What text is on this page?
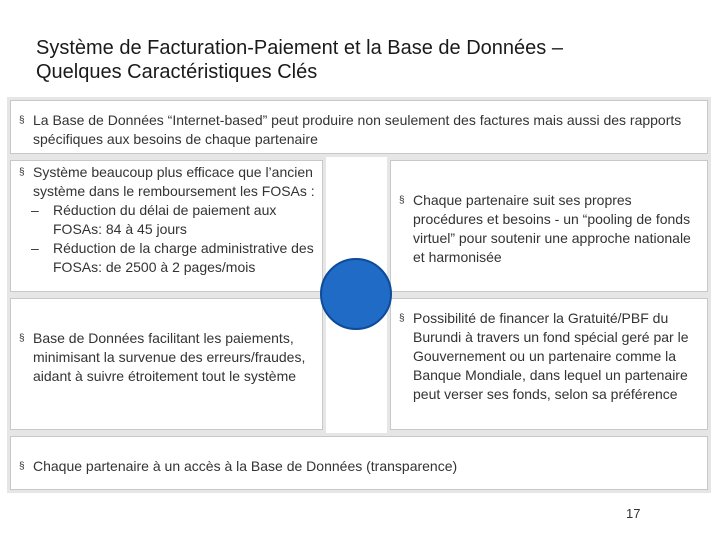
Système de Facturation-Paiement et la Base de Données –
Quelques Caractéristiques Clés
§ La Base de Données “Internet-based” peut produire non seulement des factures mais aussi des rapports spécifiques aux besoins de chaque partenaire
§ Système beaucoup plus efficace que l’ancien système dans le remboursement les FOSAs :
– Réduction du délai de paiement aux FOSAs: 84 à 45 jours
– Réduction de la charge administrative des FOSAs: de 2500 à 2 pages/mois
§ Chaque partenaire suit ses propres procédures et besoins - un “pooling de fonds virtuel” pour soutenir une approche nationale et harmonisée
§ Base de Données facilitant les paiements, minimisant la survenue des erreurs/fraudes, aidant à suivre étroitement tout le système
§ Possibilité de financer la Gratuité/PBF du Burundi à travers un fond spécial geré par le Gouvernement ou un partenaire comme la Banque Mondiale, dans lequel un partenaire peut verser ses fonds, selon sa préférence
§ Chaque partenaire à un accès à la Base de Données (transparence)
17
